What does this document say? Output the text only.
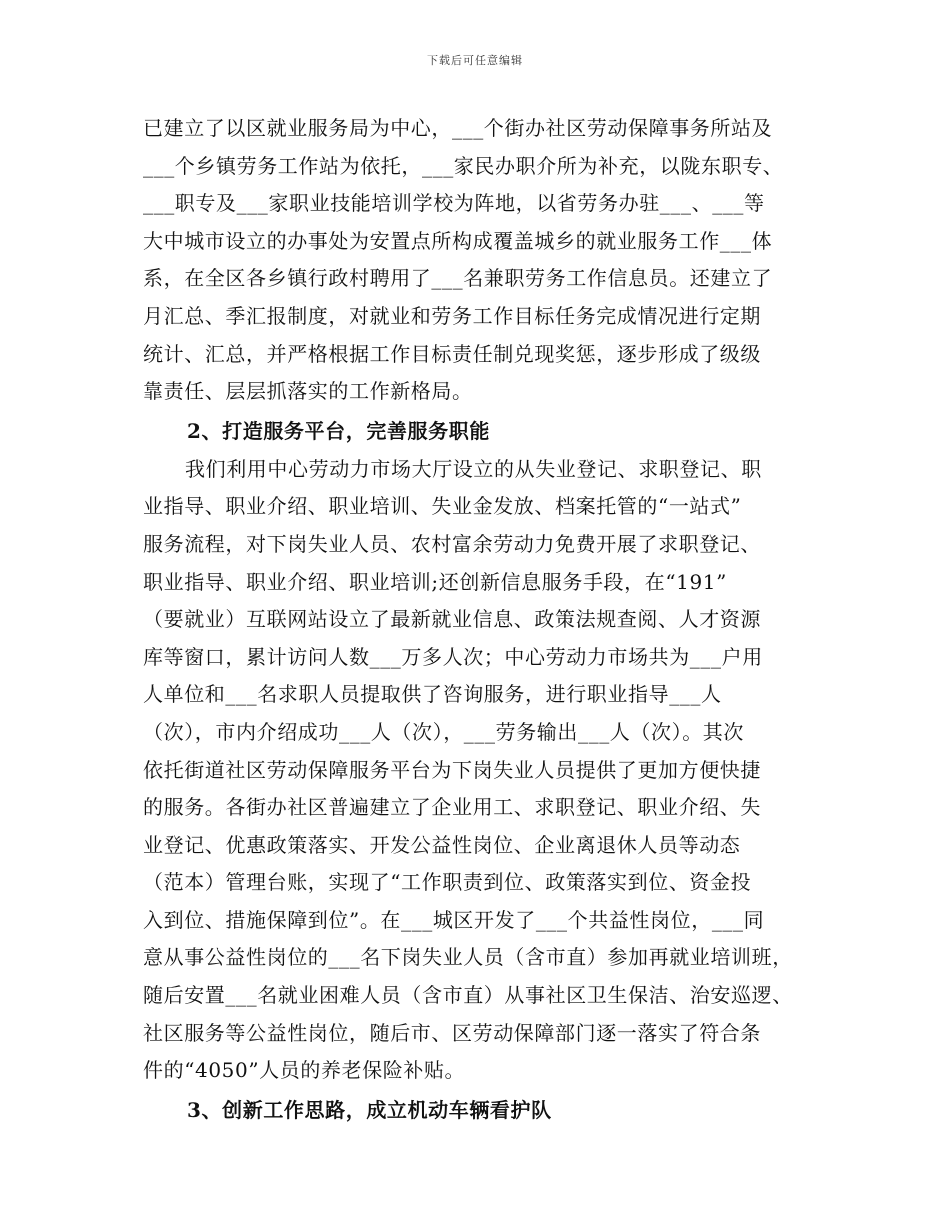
下载后可任意编辑
已建立了以区就业服务局为中心，___个街办社区劳动保障事务所站及
___个乡镇劳务工作站为依托，___家民办职介所为补充，以陇东职专、
___职专及___家职业技能培训学校为阵地，以省劳务办驻___、___等
大中城市设立的办事处为安置点所构成覆盖城乡的就业服务工作___体
系，在全区各乡镇行政村聘用了___名兼职劳务工作信息员。还建立了
月汇总、季汇报制度，对就业和劳务工作目标任务完成情况进行定期
统计、汇总，并严格根据工作目标责任制兑现奖惩，逐步形成了级级
靠责任、层层抓落实的工作新格局。
2、打造服务平台，完善服务职能
我们利用中心劳动力市场大厅设立的从失业登记、求职登记、职
业指导、职业介绍、职业培训、失业金发放、档案托管的“一站式”
服务流程，对下岗失业人员、农村富余劳动力免费开展了求职登记、
职业指导、职业介绍、职业培训;还创新信息服务手段，在“191”
（要就业）互联网站设立了最新就业信息、政策法规查阅、人才资源
库等窗口，累计访问人数___万多人次；中心劳动力市场共为___户用
人单位和___名求职人员提取供了咨询服务，进行职业指导___人
（次），市内介绍成功___人（次），___劳务输出___人（次）。其次
依托街道社区劳动保障服务平台为下岗失业人员提供了更加方便快捷
的服务。各街办社区普遍建立了企业用工、求职登记、职业介绍、失
业登记、优惠政策落实、开发公益性岗位、企业离退休人员等动态
（范本）管理台账，实现了“工作职责到位、政策落实到位、资金投
入到位、措施保障到位”。在___城区开发了___个共益性岗位，___同
意从事公益性岗位的___名下岗失业人员（含市直）参加再就业培训班，
随后安置___名就业困难人员（含市直）从事社区卫生保洁、治安巡逻、
社区服务等公益性岗位，随后市、区劳动保障部门逐一落实了符合条
件的“4050”人员的养老保险补贴。
3、创新工作思路，成立机动车辆看护队
